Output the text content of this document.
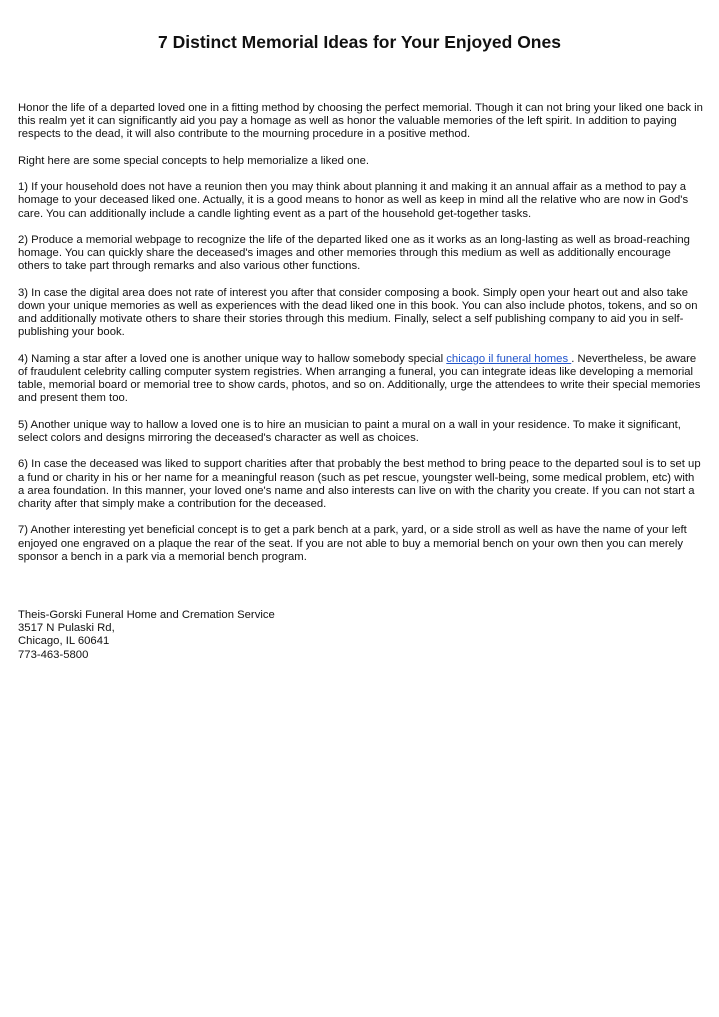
7 Distinct Memorial Ideas for Your Enjoyed Ones

Honor the life of a departed loved one in a fitting method by choosing the perfect memorial. Though it can not bring your liked one back in this realm yet it can significantly aid you pay a homage as well as honor the valuable memories of the left spirit. In addition to paying respects to the dead, it will also contribute to the mourning procedure in a positive method.

Right here are some special concepts to help memorialize a liked one.

1) If your household does not have a reunion then you may think about planning it and making it an annual affair as a method to pay a homage to your deceased liked one. Actually, it is a good means to honor as well as keep in mind all the relative who are now in God's care. You can additionally include a candle lighting event as a part of the household get-together tasks.

2) Produce a memorial webpage to recognize the life of the departed liked one as it works as an long-lasting as well as broad-reaching homage. You can quickly share the deceased's images and other memories through this medium as well as additionally encourage others to take part through remarks and also various other functions.

3) In case the digital area does not rate of interest you after that consider composing a book. Simply open your heart out and also take down your unique memories as well as experiences with the dead liked one in this book. You can also include photos, tokens, and so on and additionally motivate others to share their stories through this medium. Finally, select a self publishing company to aid you in self-publishing your book.

4) Naming a star after a loved one is another unique way to hallow somebody special chicago il funeral homes . Nevertheless, be aware of fraudulent celebrity calling computer system registries. When arranging a funeral, you can integrate ideas like developing a memorial table, memorial board or memorial tree to show cards, photos, and so on. Additionally, urge the attendees to write their special memories and present them too.

5) Another unique way to hallow a loved one is to hire an musician to paint a mural on a wall in your residence. To make it significant, select colors and designs mirroring the deceased's character as well as choices.

6) In case the deceased was liked to support charities after that probably the best method to bring peace to the departed soul is to set up a fund or charity in his or her name for a meaningful reason (such as pet rescue, youngster well-being, some medical problem, etc) with a area foundation. In this manner, your loved one's name and also interests can live on with the charity you create. If you can not start a charity after that simply make a contribution for the deceased.

7) Another interesting yet beneficial concept is to get a park bench at a park, yard, or a side stroll as well as have the name of your left enjoyed one engraved on a plaque the rear of the seat. If you are not able to buy a memorial bench on your own then you can merely sponsor a bench in a park via a memorial bench program.

Theis-Gorski Funeral Home and Cremation Service
3517 N Pulaski Rd,
Chicago, IL 60641
773-463-5800
